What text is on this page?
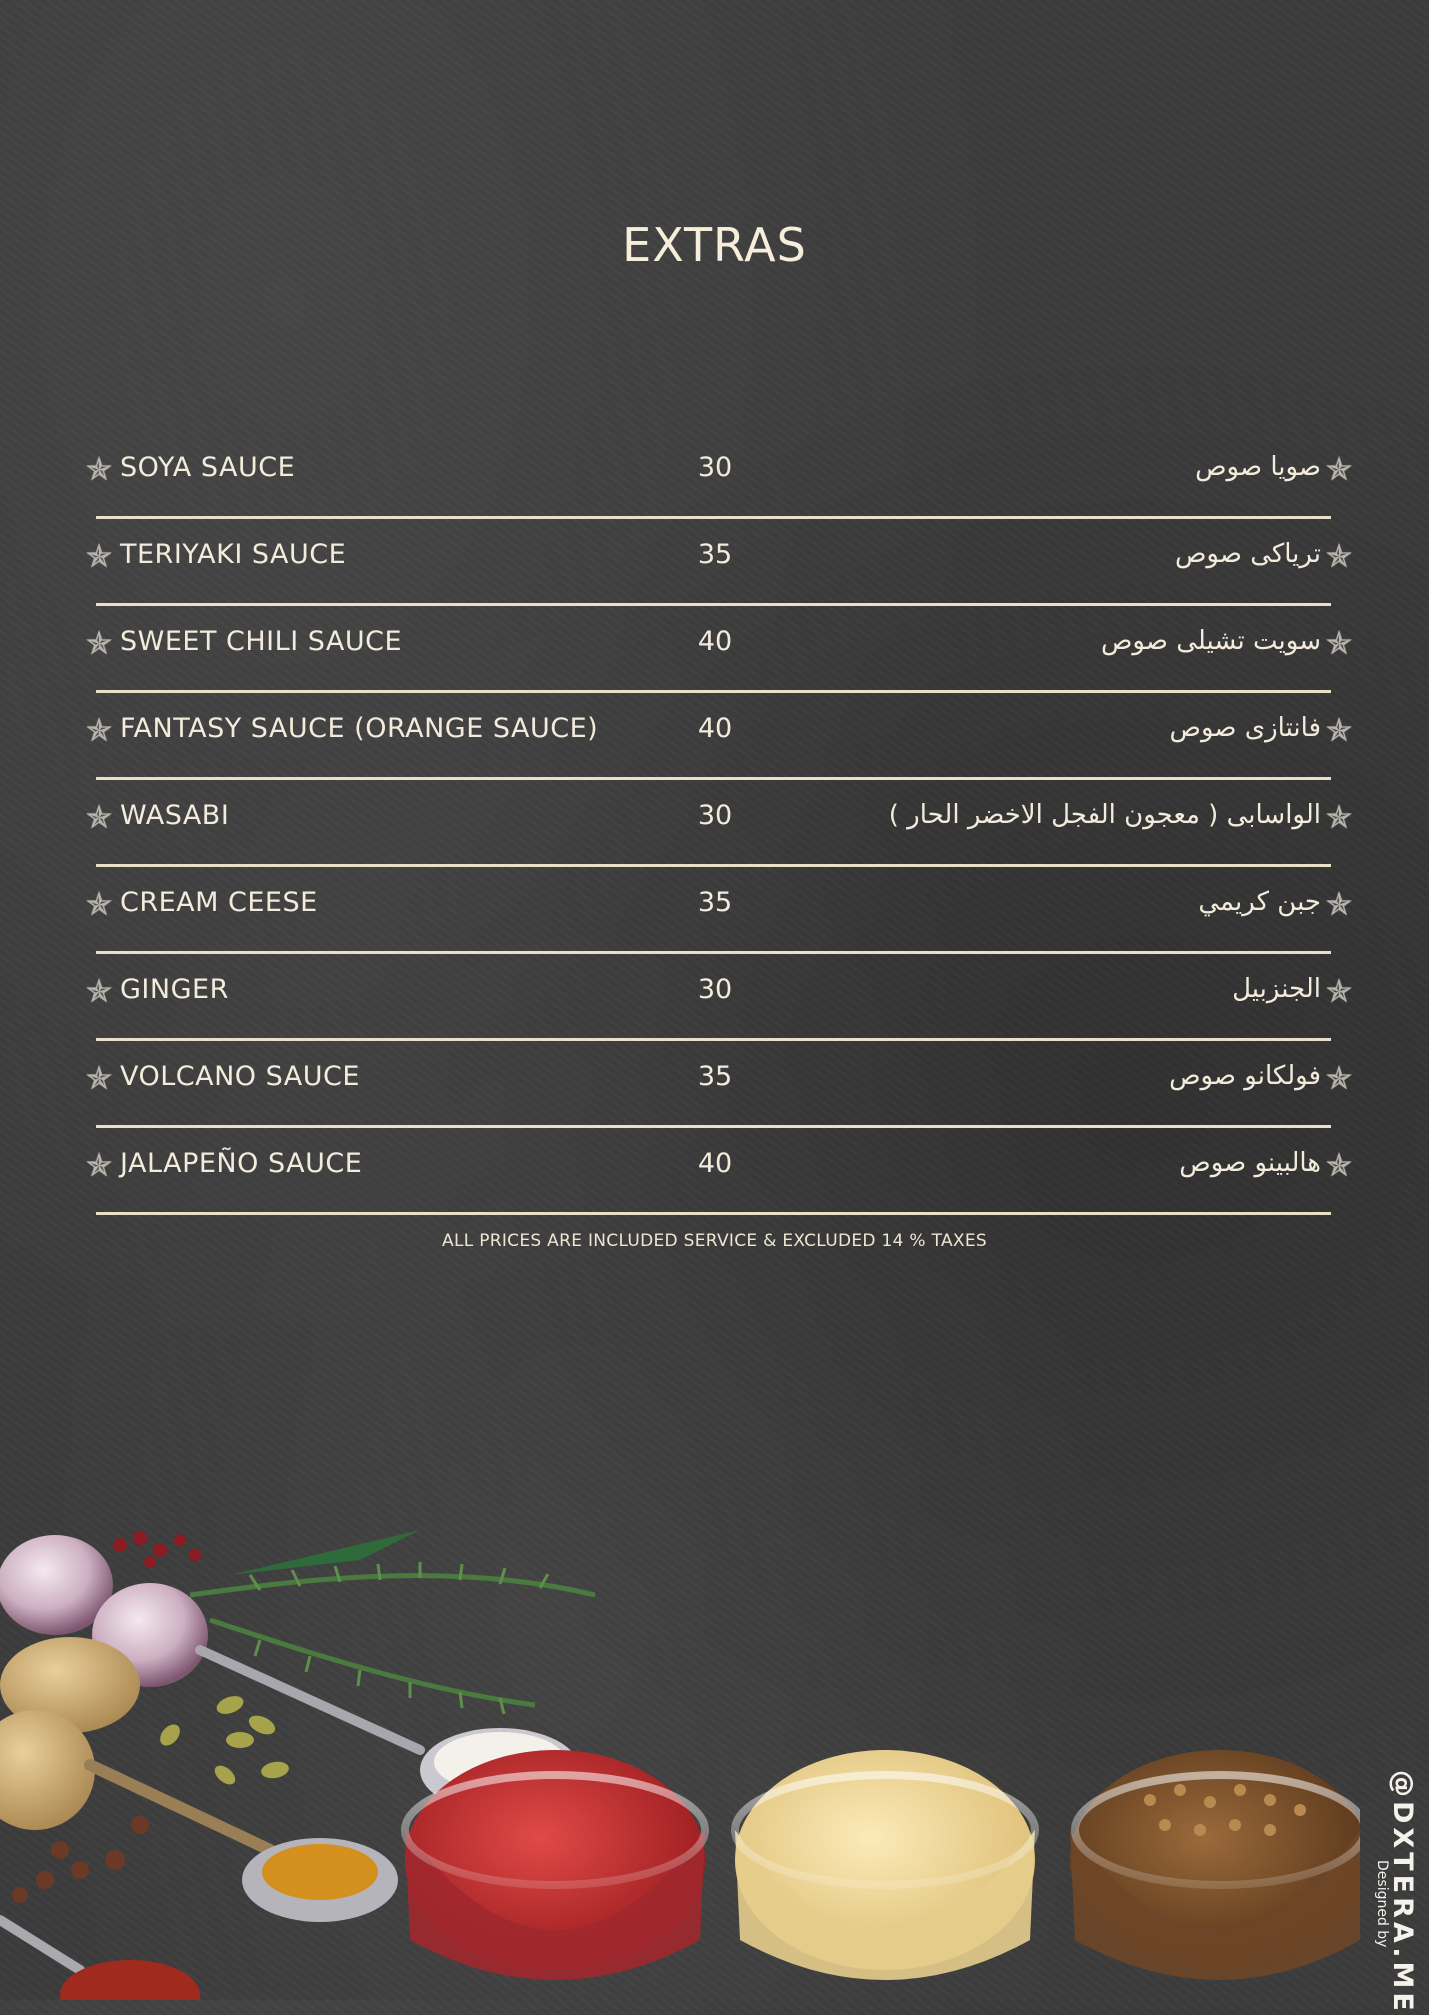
EXTRAS
✯ SOYA SAUCE	30	صويا صوص ✯
✯ TERIYAKI SAUCE	35	ترياكى صوص ✯
✯ SWEET CHILI SAUCE	40	سويت تشيلى صوص ✯
✯ FANTASY SAUCE (ORANGE SAUCE)	40	فانتازى صوص ✯
✯ WASABI	30	الواسابى ( معجون الفجل الاخضر الحار ) ✯
✯ CREAM CEESE	35	جبن كريمي ✯
✯ GINGER	30	الجنزبيل ✯
✯ VOLCANO SAUCE	35	فولكانو صوص ✯
✯ JALAPEÑO SAUCE	40	هالبينو صوص ✯
ALL PRICES ARE INCLUDED SERVICE & EXCLUDED 14 % TAXES
@DXTERA.ME
Designed by
